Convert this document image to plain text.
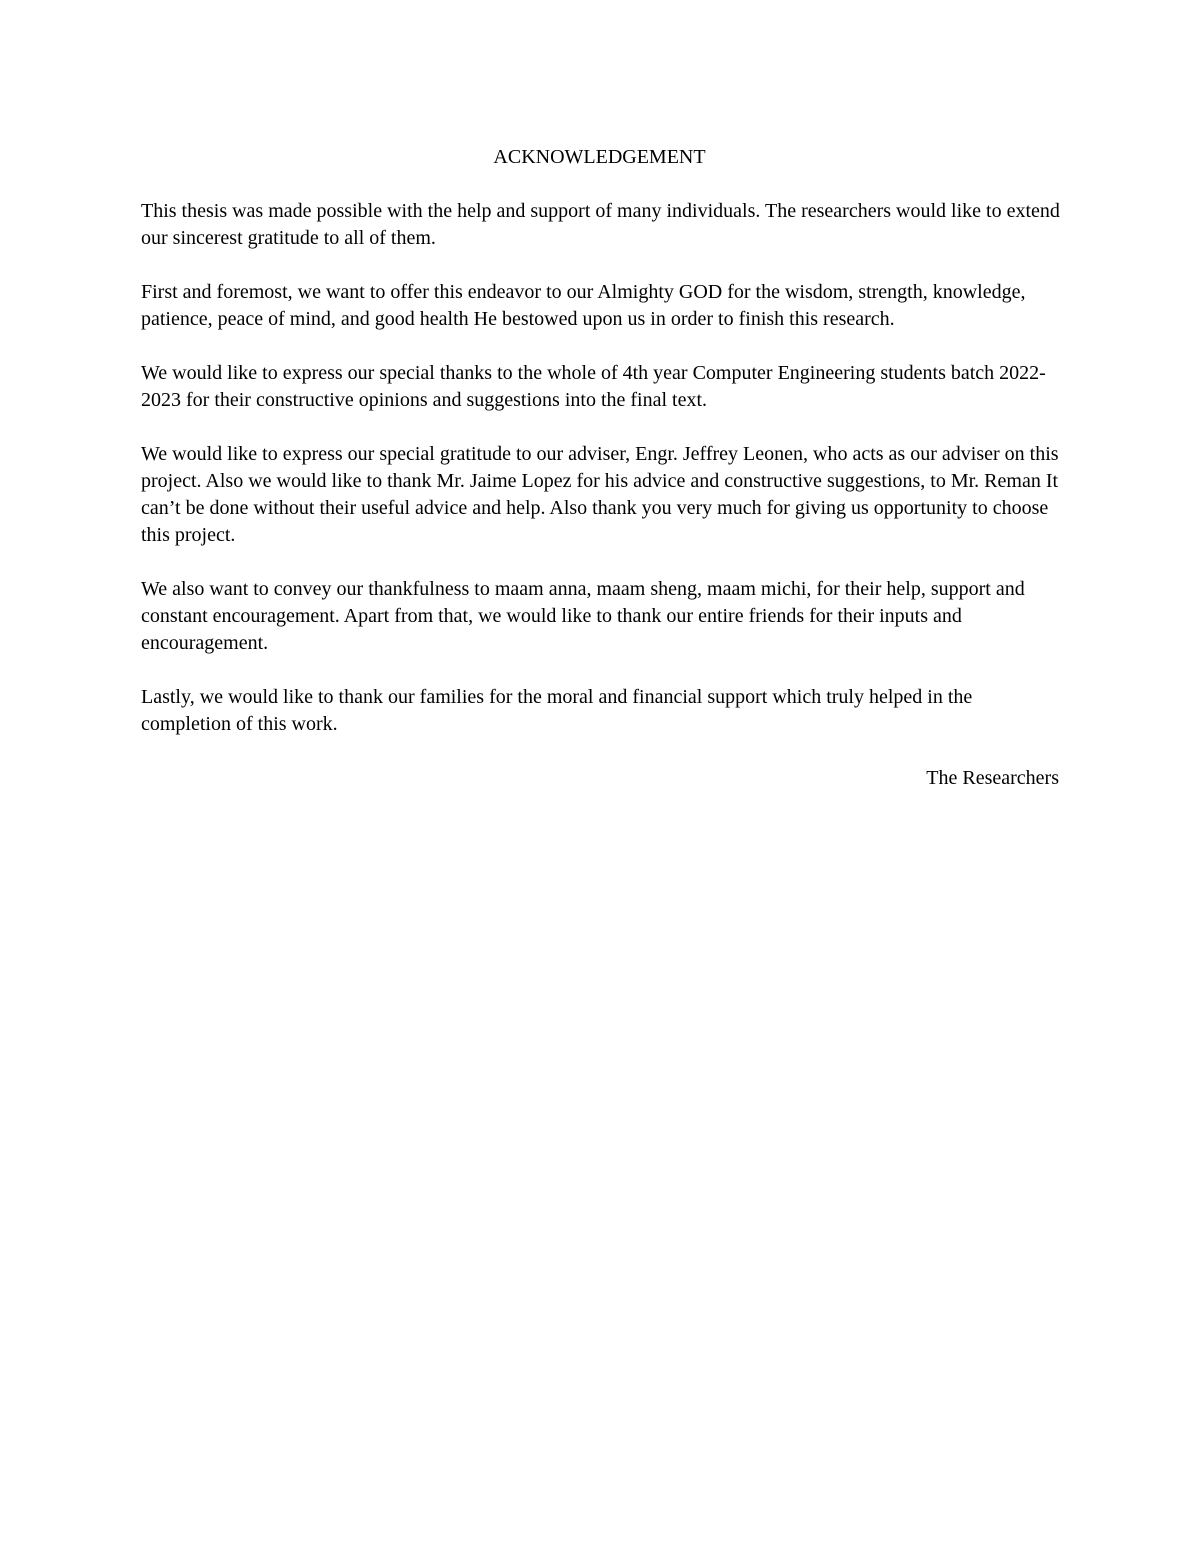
ACKNOWLEDGEMENT

This thesis was made possible with the help and support of many individuals. The researchers would like to extend our sincerest gratitude to all of them.

First and foremost, we want to offer this endeavor to our Almighty GOD for the wisdom, strength, knowledge, patience, peace of mind, and good health He bestowed upon us in order to finish this research.

We would like to express our special thanks to the whole of 4th year Computer Engineering students batch 2022-2023 for their constructive opinions and suggestions into the final text.

We would like to express our special gratitude to our adviser, Engr. Jeffrey Leonen, who acts as our adviser on this project. Also we would like to thank Mr. Jaime Lopez for his advice and constructive suggestions, to Mr. Reman It can’t be done without their useful advice and help. Also thank you very much for giving us opportunity to choose this project.

We also want to convey our thankfulness to maam anna, maam sheng, maam michi, for their help, support and constant encouragement. Apart from that, we would like to thank our entire friends for their inputs and encouragement.

Lastly, we would like to thank our families for the moral and financial support which truly helped in the completion of this work.

The Researchers
